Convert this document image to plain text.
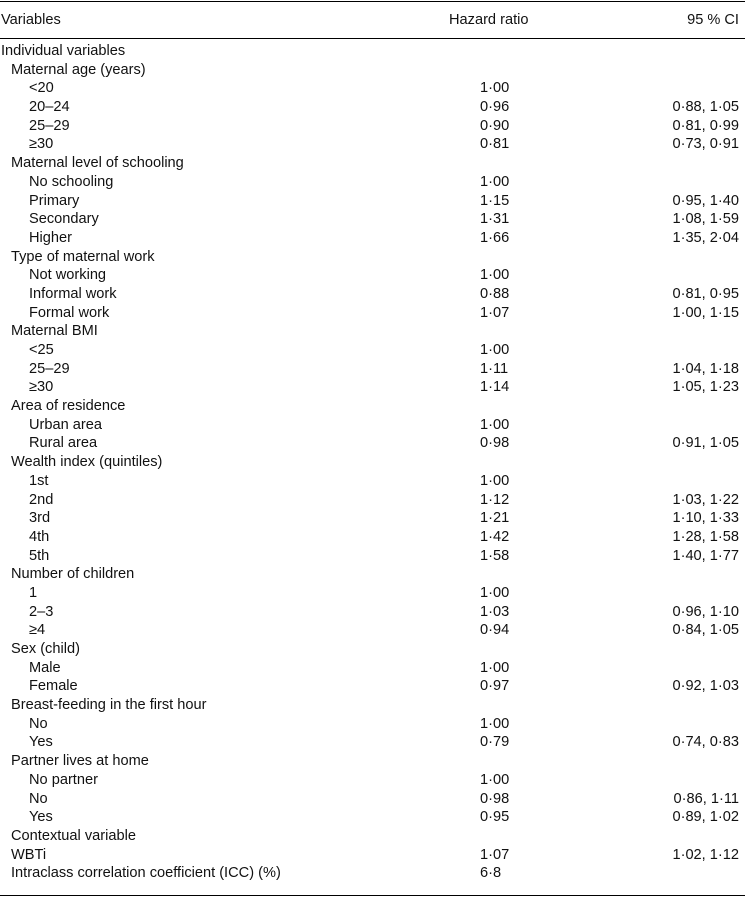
Variables	Hazard ratio	95 % CI
Individual variables
Maternal age (years)
<20	1·00
20–24	0·96	0·88, 1·05
25–29	0·90	0·81, 0·99
≥30	0·81	0·73, 0·91
Maternal level of schooling
No schooling	1·00
Primary	1·15	0·95, 1·40
Secondary	1·31	1·08, 1·59
Higher	1·66	1·35, 2·04
Type of maternal work
Not working	1·00
Informal work	0·88	0·81, 0·95
Formal work	1·07	1·00, 1·15
Maternal BMI
<25	1·00
25–29	1·11	1·04, 1·18
≥30	1·14	1·05, 1·23
Area of residence
Urban area	1·00
Rural area	0·98	0·91, 1·05
Wealth index (quintiles)
1st	1·00
2nd	1·12	1·03, 1·22
3rd	1·21	1·10, 1·33
4th	1·42	1·28, 1·58
5th	1·58	1·40, 1·77
Number of children
1	1·00
2–3	1·03	0·96, 1·10
≥4	0·94	0·84, 1·05
Sex (child)
Male	1·00
Female	0·97	0·92, 1·03
Breast-feeding in the first hour
No	1·00
Yes	0·79	0·74, 0·83
Partner lives at home
No partner	1·00
No	0·98	0·86, 1·11
Yes	0·95	0·89, 1·02
Contextual variable
WBTi	1·07	1·02, 1·12
Intraclass correlation coefficient (ICC) (%)	6·8
